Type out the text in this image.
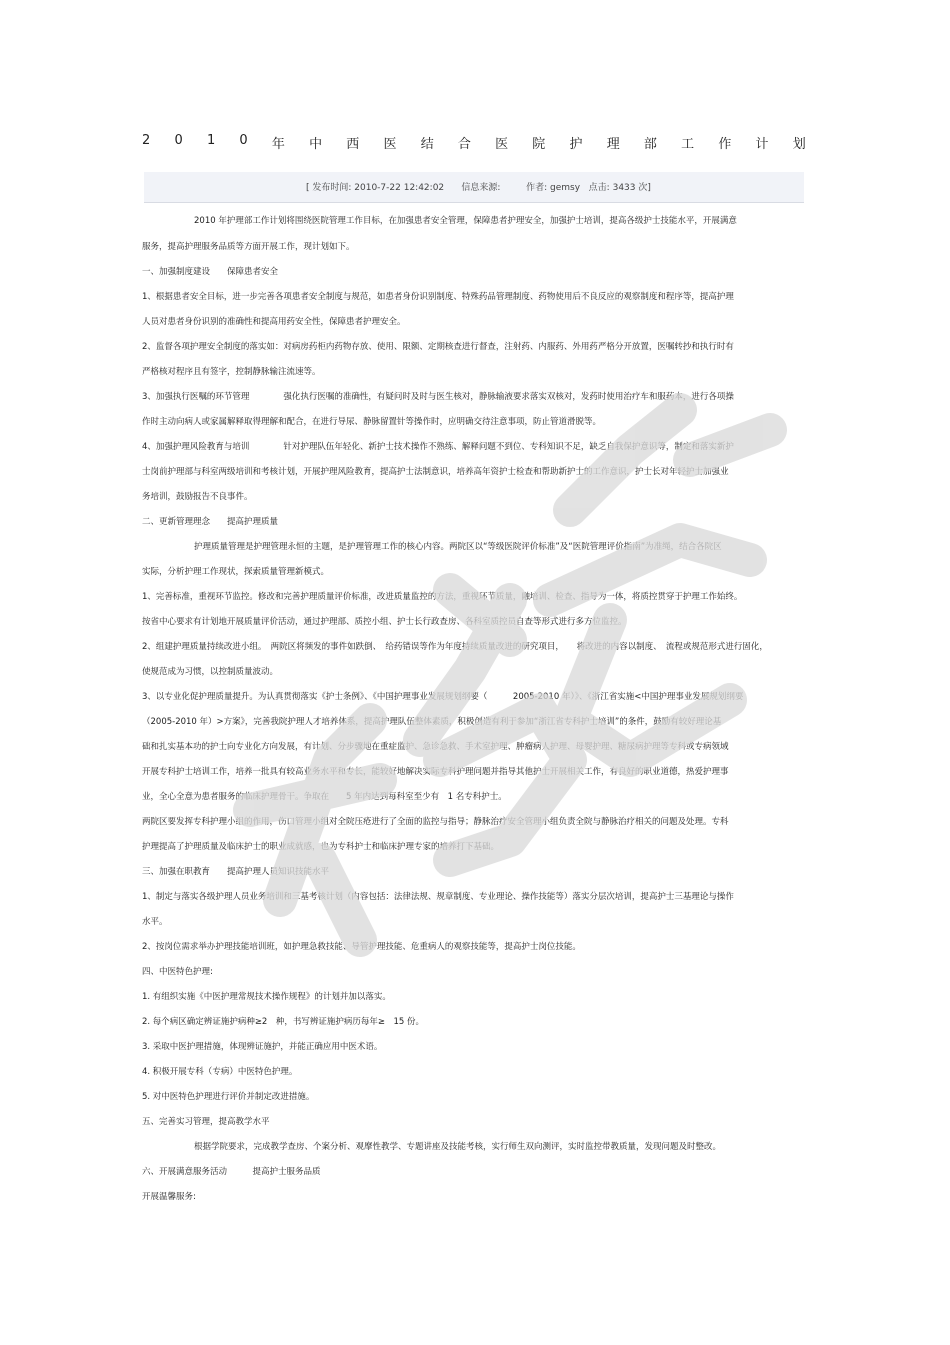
2 0 1 0 年 中 西 医 结 合 医 院 护 理 部 工 作 计 划
[ 发布时间: 2010-7-22 12:42:02 信息来源:	作者: gemsy 点击: 3433 次]
2010 年护理部工作计划将围绕医院管理工作目标，在加强患者安全管理，保障患者护理安全，加强护士培训，提高各级护士技能水平，开展满意
服务，提高护理服务品质等方面开展工作，现计划如下。
一、加强制度建设　　保障患者安全
1、根据患者安全目标，进一步完善各项患者安全制度与规范，如患者身份识别制度、特殊药品管理制度、药物使用后不良反应的观察制度和程序等，提高护理
人员对患者身份识别的准确性和提高用药安全性，保障患者护理安全。
2、监督各项护理安全制度的落实如：对病房药柜内药物存放、使用、限额、定期核查进行督查，注射药、内服药、外用药严格分开放置，医嘱转抄和执行时有
严格核对程序且有签字，控制静脉输注流速等。
3、加强执行医嘱的环节管理　　　　强化执行医嘱的准确性，有疑问时及时与医生核对，静脉输液要求落实双核对，发药时使用治疗车和服药本，进行各项操
作时主动向病人或家属解释取得理解和配合，在进行导尿、静脉留置针等操作时，应明确交待注意事项，防止管道滑脱等。
4、加强护理风险教育与培训　　　　针对护理队伍年轻化、新护士技术操作不熟练、解释问题不到位、专科知识不足，缺乏自我保护意识等，制定和落实新护
士岗前护理部与科室两级培训和考核计划，开展护理风险教育，提高护士法制意识，培养高年资护士检查和帮助新护士的工作意识，护士长对年轻护士加强业
务培训，鼓励报告不良事件。
二、更新管理理念　　提高护理质量
护理质量管理是护理管理永恒的主题，是护理管理工作的核心内容。两院区以“等级医院评价标准”及“医院管理评价指南”为准绳，结合各院区
实际，分析护理工作现状，探索质量管理新模式。
1、完善标准，重视环节监控。修改和完善护理质量评价标准，改进质量监控的方法，重视环节质量，融培训、检查、指导为一体，将质控贯穿于护理工作始终。
按省中心要求有计划地开展质量评价活动，通过护理部、质控小组、护士长行政查房、各科室质控员自查等形式进行多方位监控。
2、组建护理质量持续改进小组。　两院区将频发的事件如跌倒、　给药错误等作为年度持续质量改进的研究项目，　　将改进的内容以制度、　流程或规范形式进行固化，
使规范成为习惯，以控制质量波动。
3、以专业化促护理质量提升。为认真贯彻落实《护士条例》、《中国护理事业发展规划纲要（　　　2005-2010 年）》、《浙江省实施<中国护理事业发展规划纲要
（2005-2010 年）>方案》，完善我院护理人才培养体系，提高护理队伍整体素质，积极创造有利于参加“浙江省专科护士培训”的条件，鼓励有较好理论基
础和扎实基本功的护士向专业化方向发展，有计划、分步骤地在重症监护、急诊急救、手术室护理、肿瘤病人护理、母婴护理、糖尿病护理等专科或专病领域
开展专科护士培训工作，培养一批具有较高业务水平和专长，能较好地解决实际专科护理问题并指导其他护士开展相关工作，有良好的职业道德，热爱护理事
业，全心全意为患者服务的临床护理骨干。争取在　　5 年内达到每科室至少有　1 名专科护士。
两院区要发挥专科护理小组的作用，伤口管理小组对全院压疮进行了全面的监控与指导；静脉治疗安全管理小组负责全院与静脉治疗相关的问题及处理。专科
护理提高了护理质量及临床护士的职业成就感，也为专科护士和临床护理专家的培养打下基础。
三、加强在职教育　　提高护理人员知识技能水平
1、制定与落实各级护理人员业务培训和三基考核计划（内容包括：法律法规、规章制度、专业理论、操作技能等）落实分层次培训，提高护士三基理论与操作
水平。
2、按岗位需求举办护理技能培训班，如护理急救技能、导管护理技能、危重病人的观察技能等，提高护士岗位技能。
四、中医特色护理:
1. 有组织实施《中医护理常规技术操作规程》的计划并加以落实。
2. 每个病区确定辨证施护病种≥2　种，书写辨证施护病历每年≥　15 份。
3. 采取中医护理措施，体现辨证施护，并能正确应用中医术语。
4. 积极开展专科（专病）中医特色护理。
5. 对中医特色护理进行评价并制定改进措施。
五、完善实习管理，提高教学水平
根据学院要求，完成教学查房、个案分析、观摩性教学、专题讲座及技能考核，实行师生双向测评，实时监控带教质量，发现问题及时整改。
六、开展满意服务活动　　　提高护士服务品质
开展温馨服务:
